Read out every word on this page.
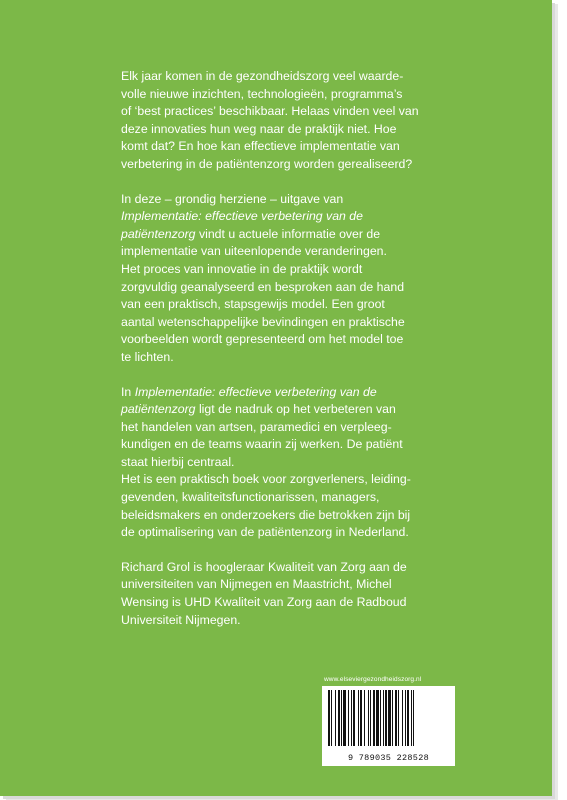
Elk jaar komen in de gezondheidszorg veel waarde-
volle nieuwe inzichten, technologieën, programma’s
of ‘best practices’ beschikbaar. Helaas vinden veel van
deze innovaties hun weg naar de praktijk niet. Hoe
komt dat? En hoe kan effectieve implementatie van
verbetering in de patiëntenzorg worden gerealiseerd?

In deze – grondig herziene – uitgave van
Implementatie: effectieve verbetering van de
patiëntenzorg vindt u actuele informatie over de
implementatie van uiteenlopende veranderingen.
Het proces van innovatie in de praktijk wordt
zorgvuldig geanalyseerd en besproken aan de hand
van een praktisch, stapsgewijs model. Een groot
aantal wetenschappelijke bevindingen en praktische
voorbeelden wordt gepresenteerd om het model toe
te lichten.

In Implementatie: effectieve verbetering van de
patiëntenzorg ligt de nadruk op het verbeteren van
het handelen van artsen, paramedici en verpleeg-
kundigen en de teams waarin zij werken. De patiënt
staat hierbij centraal.
Het is een praktisch boek voor zorgverleners, leiding-
gevenden, kwaliteitsfunctionarissen, managers,
beleidsmakers en onderzoekers die betrokken zijn bij
de optimalisering van de patiëntenzorg in Nederland.

Richard Grol is hoogleraar Kwaliteit van Zorg aan de
universiteiten van Nijmegen en Maastricht, Michel
Wensing is UHD Kwaliteit van Zorg aan de Radboud
Universiteit Nijmegen.

www.elseviergezondheidszorg.nl
9 789035 228528
